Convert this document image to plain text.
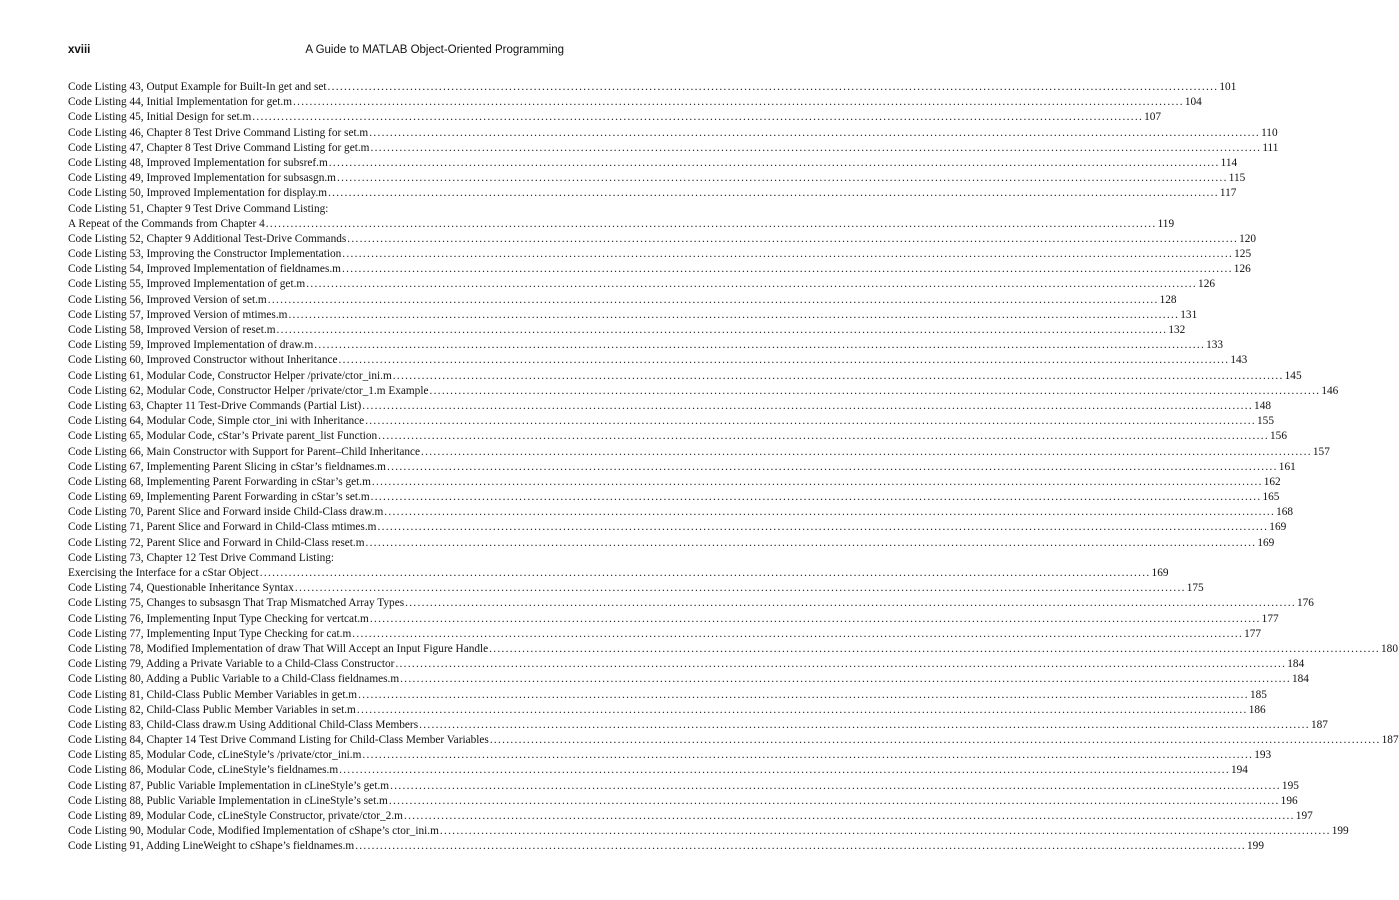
xviii	A Guide to MATLAB Object-Oriented Programming
Code Listing 43, Output Example for Built-In get and set .....	101
Code Listing 44, Initial Implementation for get.m .....	104
Code Listing 45, Initial Design for set.m .....	107
Code Listing 46, Chapter 8 Test Drive Command Listing for set.m .....	110
Code Listing 47, Chapter 8 Test Drive Command Listing for get.m .....	111
Code Listing 48, Improved Implementation for subsref.m .....	114
Code Listing 49, Improved Implementation for subsasgn.m .....	115
Code Listing 50, Improved Implementation for display.m .....	117
Code Listing 51, Chapter 9 Test Drive Command Listing:
A Repeat of the Commands from Chapter 4 .....	119
Code Listing 52, Chapter 9 Additional Test-Drive Commands .....	120
Code Listing 53, Improving the Constructor Implementation .....	125
Code Listing 54, Improved Implementation of fieldnames.m .....	126
Code Listing 55, Improved Implementation of get.m .....	126
Code Listing 56, Improved Version of set.m .....	128
Code Listing 57, Improved Version of mtimes.m .....	131
Code Listing 58, Improved Version of reset.m .....	132
Code Listing 59, Improved Implementation of draw.m .....	133
Code Listing 60, Improved Constructor without Inheritance .....	143
Code Listing 61, Modular Code, Constructor Helper /private/ctor_ini.m .....	145
Code Listing 62, Modular Code, Constructor Helper /private/ctor_1.m Example .....	146
Code Listing 63, Chapter 11 Test-Drive Commands (Partial List) .....	148
Code Listing 64, Modular Code, Simple ctor_ini with Inheritance .....	155
Code Listing 65, Modular Code, cStar’s Private parent_list Function .....	156
Code Listing 66, Main Constructor with Support for Parent–Child Inheritance .....	157
Code Listing 67, Implementing Parent Slicing in cStar’s fieldnames.m .....	161
Code Listing 68, Implementing Parent Forwarding in cStar’s get.m .....	162
Code Listing 69, Implementing Parent Forwarding in cStar’s set.m .....	165
Code Listing 70, Parent Slice and Forward inside Child-Class draw.m .....	168
Code Listing 71, Parent Slice and Forward in Child-Class mtimes.m .....	169
Code Listing 72, Parent Slice and Forward in Child-Class reset.m .....	169
Code Listing 73, Chapter 12 Test Drive Command Listing:
Exercising the Interface for a cStar Object .....	169
Code Listing 74, Questionable Inheritance Syntax .....	175
Code Listing 75, Changes to subsasgn That Trap Mismatched Array Types .....	176
Code Listing 76, Implementing Input Type Checking for vertcat.m .....	177
Code Listing 77, Implementing Input Type Checking for cat.m .....	177
Code Listing 78, Modified Implementation of draw That Will Accept an Input Figure Handle .....	180
Code Listing 79, Adding a Private Variable to a Child-Class Constructor .....	184
Code Listing 80, Adding a Public Variable to a Child-Class fieldnames.m .....	184
Code Listing 81, Child-Class Public Member Variables in get.m .....	185
Code Listing 82, Child-Class Public Member Variables in set.m .....	186
Code Listing 83, Child-Class draw.m Using Additional Child-Class Members .....	187
Code Listing 84, Chapter 14 Test Drive Command Listing for Child-Class Member Variables .....	187
Code Listing 85, Modular Code, cLineStyle’s /private/ctor_ini.m .....	193
Code Listing 86, Modular Code, cLineStyle’s fieldnames.m .....	194
Code Listing 87, Public Variable Implementation in cLineStyle’s get.m .....	195
Code Listing 88, Public Variable Implementation in cLineStyle’s set.m .....	196
Code Listing 89, Modular Code, cLineStyle Constructor, private/ctor_2.m .....	197
Code Listing 90, Modular Code, Modified Implementation of cShape’s ctor_ini.m .....	199
Code Listing 91, Adding LineWeight to cShape’s fieldnames.m .....	199
